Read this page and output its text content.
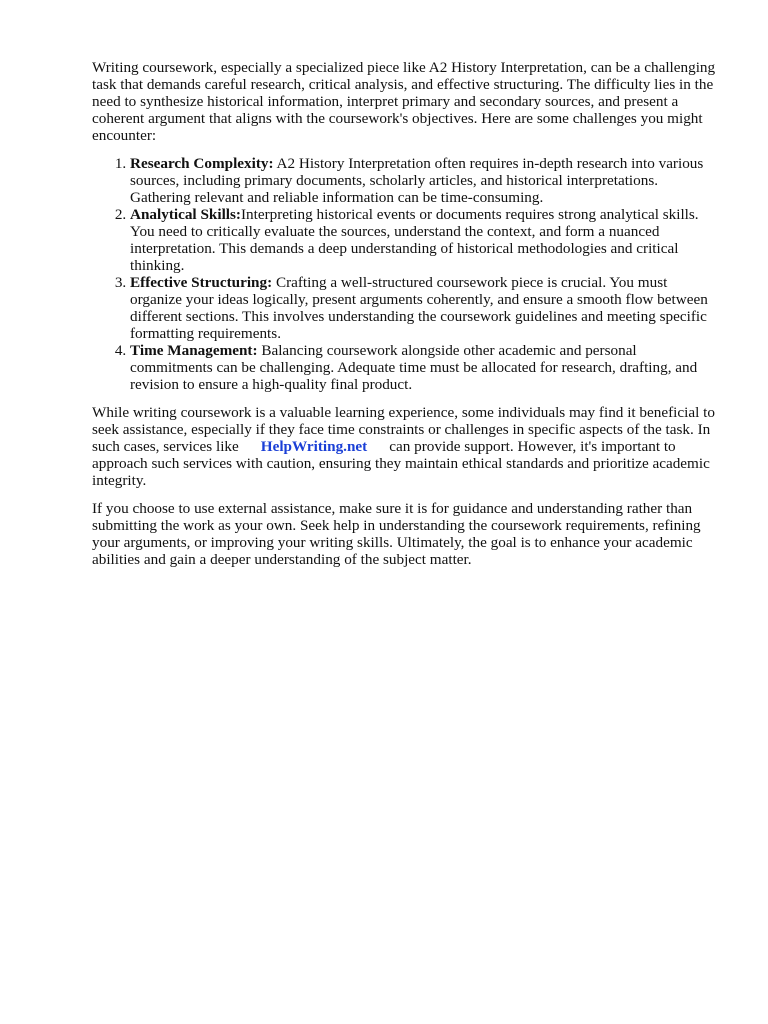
Writing coursework, especially a specialized piece like A2 History Interpretation, can be a challenging task that demands careful research, critical analysis, and effective structuring. The difficulty lies in the need to synthesize historical information, interpret primary and secondary sources, and present a coherent argument that aligns with the coursework's objectives. Here are some challenges you might encounter:

1. Research Complexity: A2 History Interpretation often requires in-depth research into various sources, including primary documents, scholarly articles, and historical interpretations. Gathering relevant and reliable information can be time-consuming.
2. Analytical Skills:Interpreting historical events or documents requires strong analytical skills. You need to critically evaluate the sources, understand the context, and form a nuanced interpretation. This demands a deep understanding of historical methodologies and critical thinking.
3. Effective Structuring: Crafting a well-structured coursework piece is crucial. You must organize your ideas logically, present arguments coherently, and ensure a smooth flow between different sections. This involves understanding the coursework guidelines and meeting specific formatting requirements.
4. Time Management: Balancing coursework alongside other academic and personal commitments can be challenging. Adequate time must be allocated for research, drafting, and revision to ensure a high-quality final product.

While writing coursework is a valuable learning experience, some individuals may find it beneficial to seek assistance, especially if they face time constraints or challenges in specific aspects of the task. In such cases, services like HelpWriting.net can provide support. However, it's important to approach such services with caution, ensuring they maintain ethical standards and prioritize academic integrity.

If you choose to use external assistance, make sure it is for guidance and understanding rather than submitting the work as your own. Seek help in understanding the coursework requirements, refining your arguments, or improving your writing skills. Ultimately, the goal is to enhance your academic abilities and gain a deeper understanding of the subject matter.
